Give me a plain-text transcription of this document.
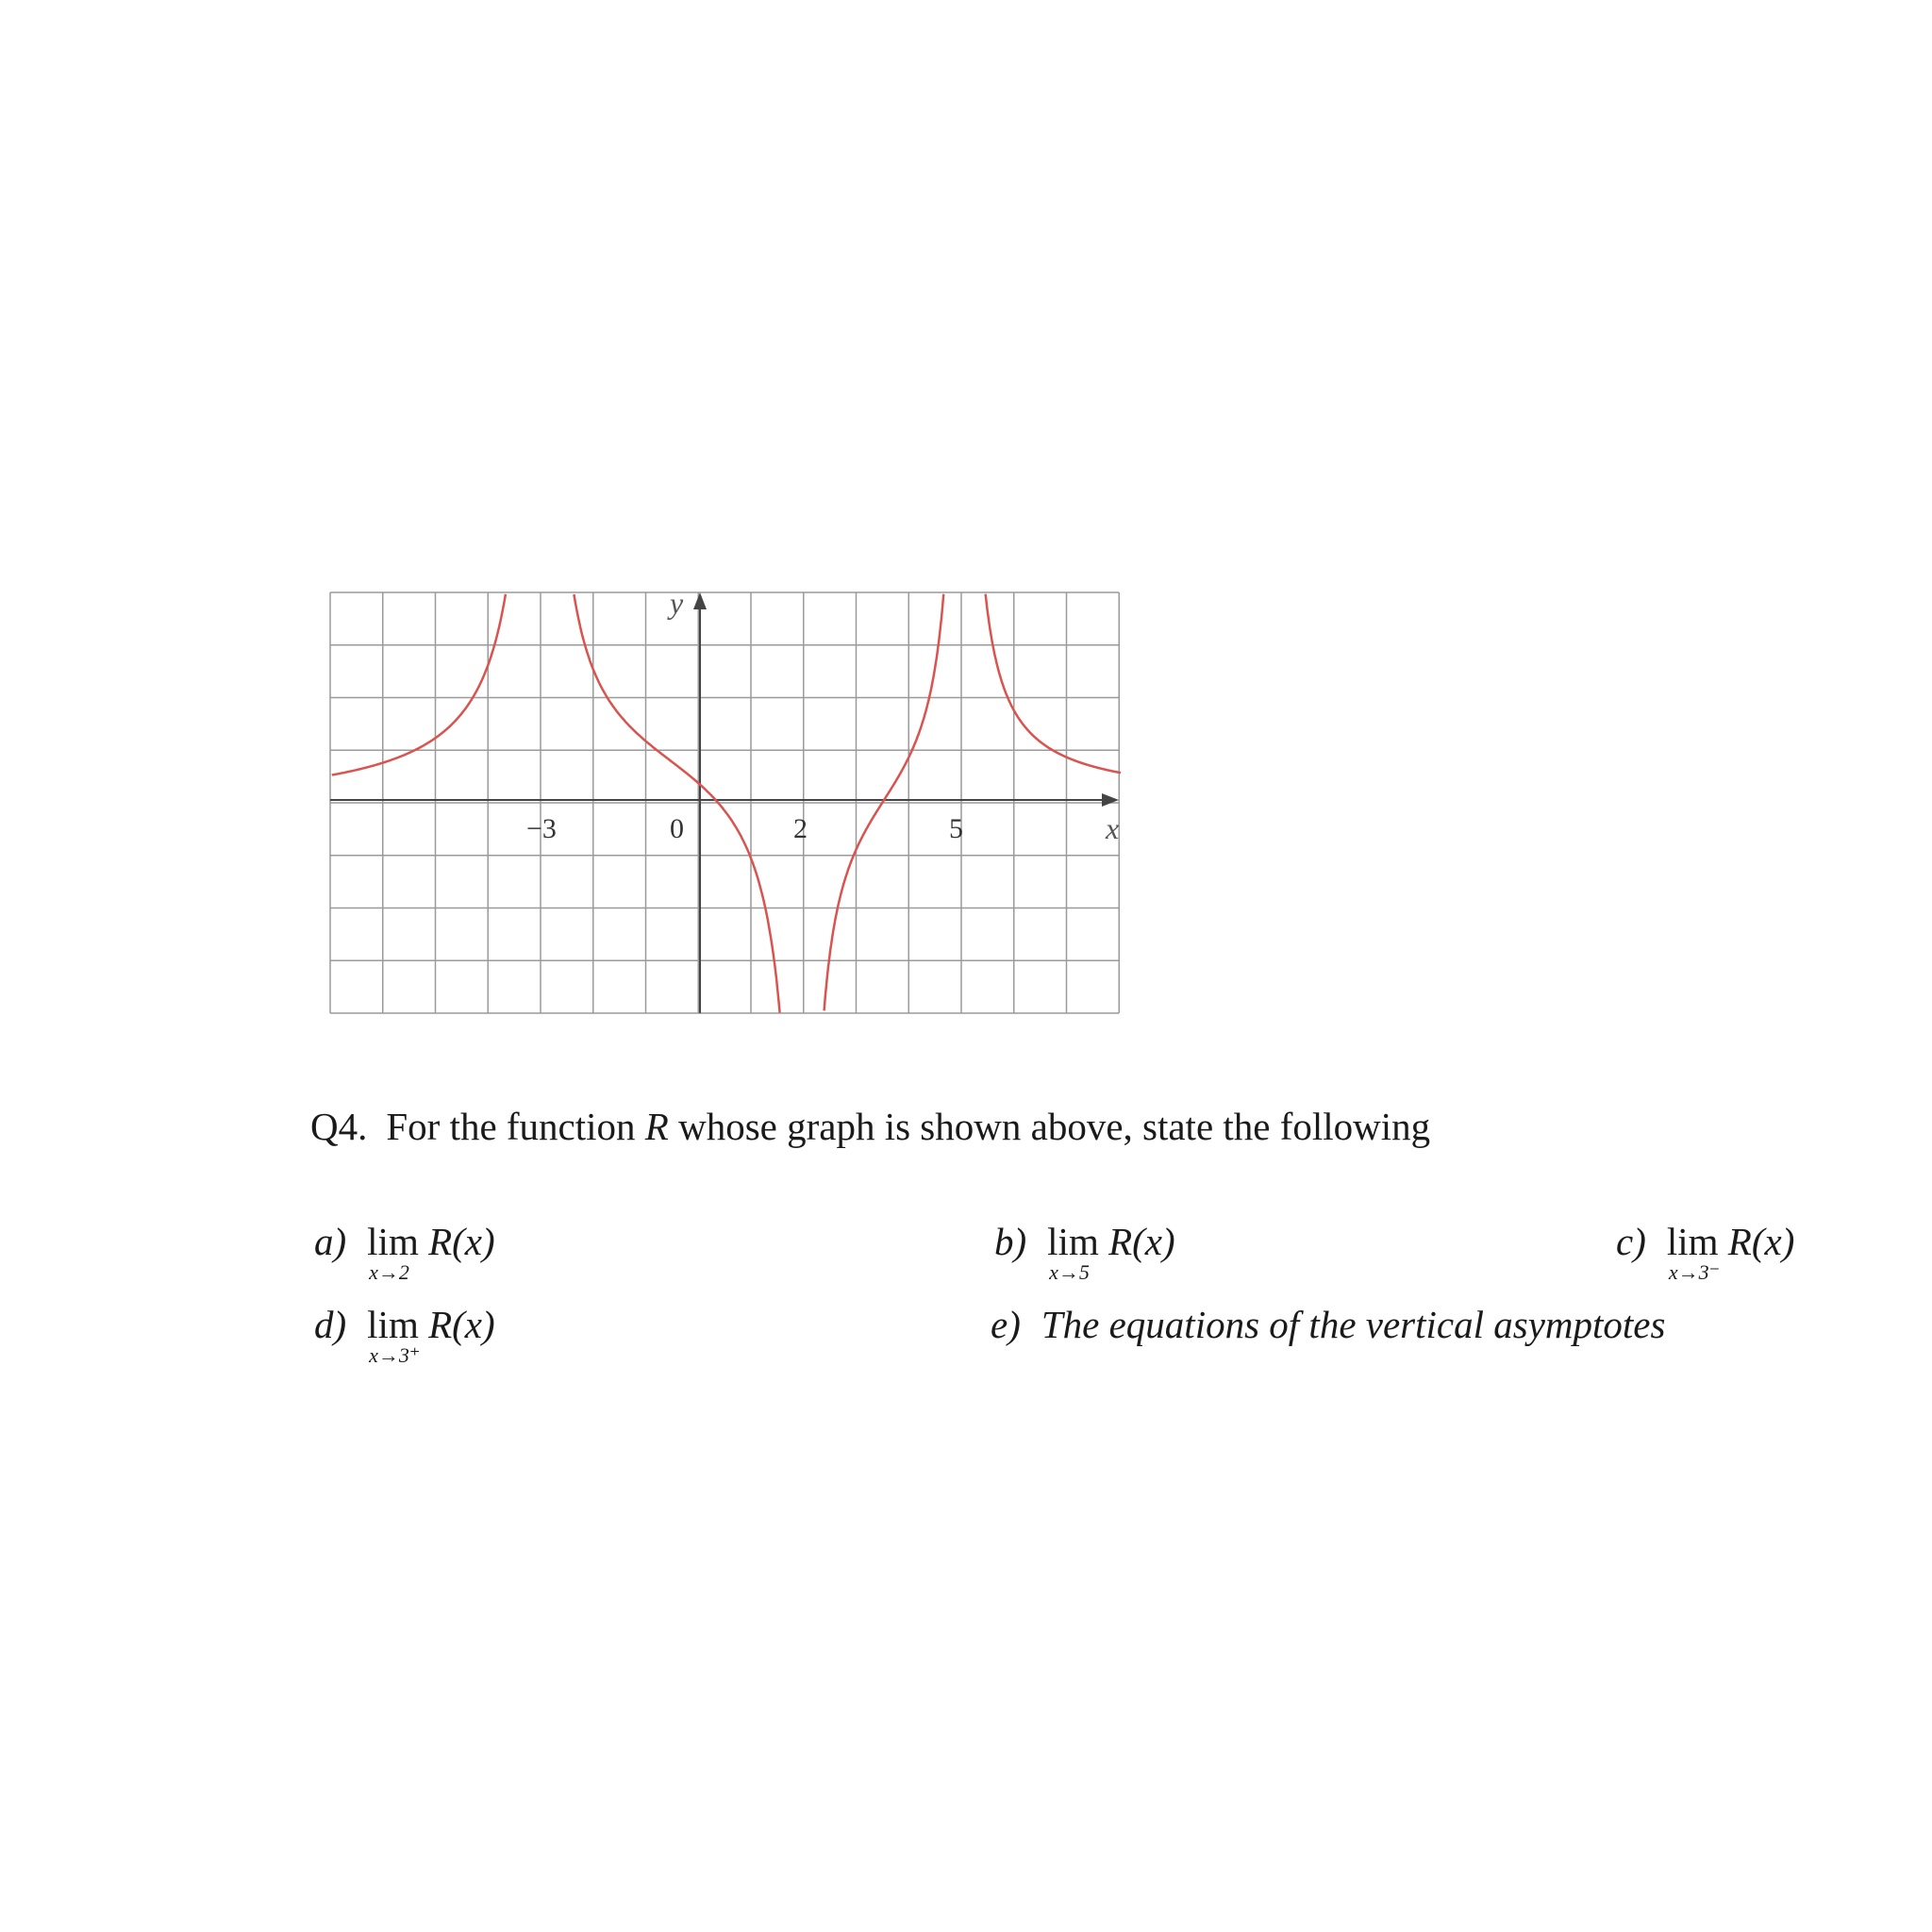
x
y
−3	0	2	5
Q4. For the function R whose graph is shown above, state the following
a) lim
x→2
R(x)	b) lim
x→5
R(x)	c) lim
x→3⁻
R(x)
d) lim
x→3⁺
R(x)	e) The equations of the vertical asymptotes
